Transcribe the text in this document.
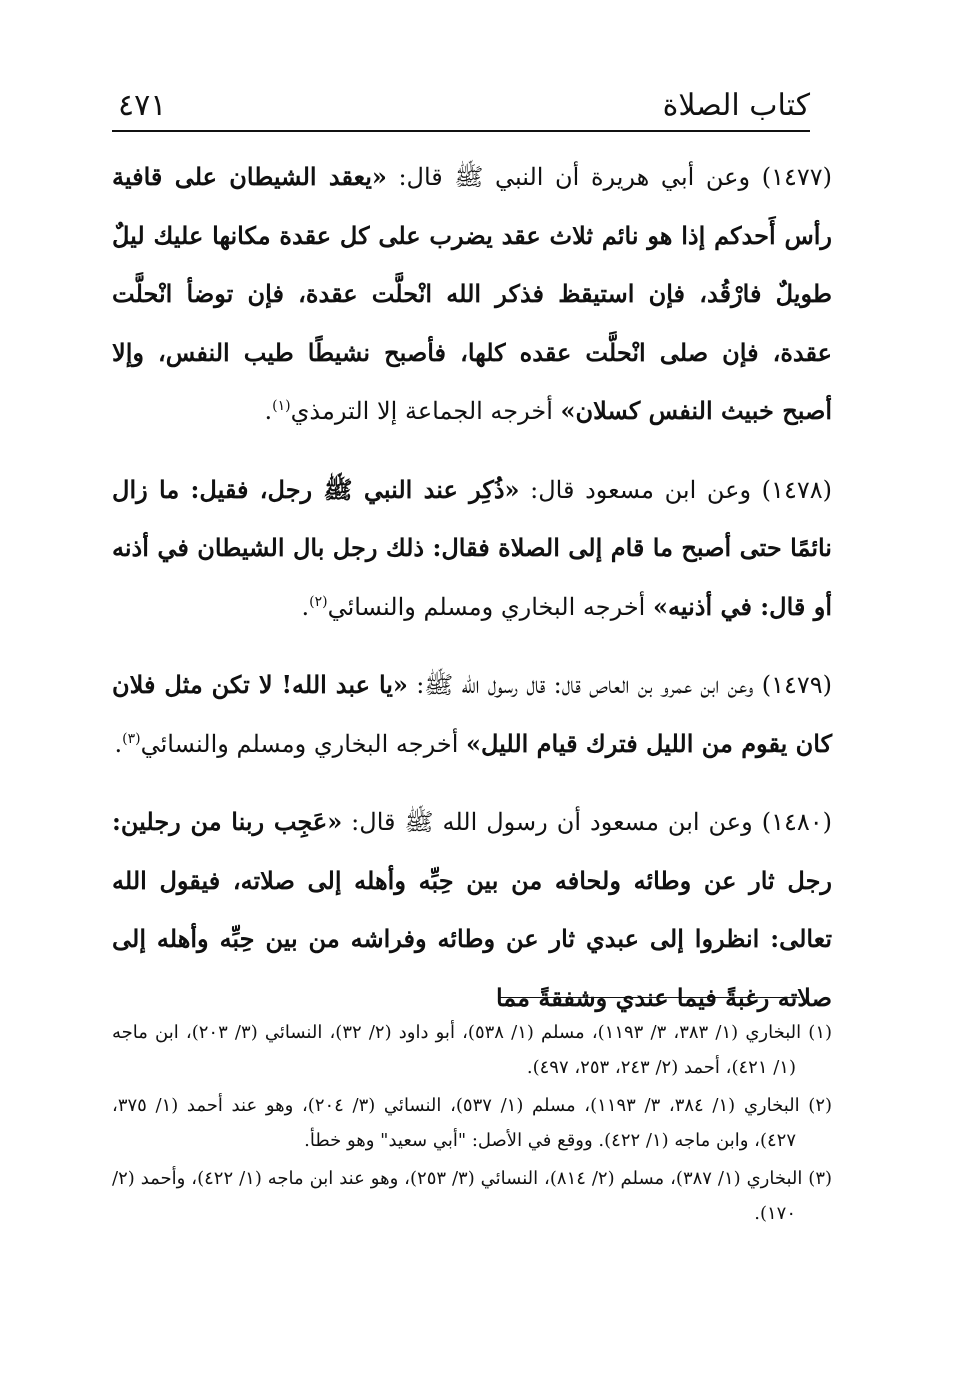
كتاب الصلاة
٤٧١

(١٤٧٧) وعن أبي هريرة أن النبي ﷺ قال: «يعقد الشيطان على قافية رأس أَحدكم إذا هو نائم ثلاث عقد يضرب على كل عقدة مكانها عليك ليلٌ طويلٌ فارْقُد، فإن استيقظ فذكر الله انْحلَّت عقدة، فإن توضأ انْحلَّت عقدة، فإن صلى انْحلَّت عقده كلها، فأصبح نشيطًا طيب النفس، وإلا أصبح خبيث النفس كسلان» أخرجه الجماعة إلا الترمذي$^{(١)}$.

(١٤٧٨) وعن ابن مسعود قال: «ذُكِر عند النبي ﷺ رجل، فقيل: ما زال نائمًا حتى أصبح ما قام إلى الصلاة فقال: ذلك رجل بال الشيطان في أذنه أو قال: في أذنيه» أخرجه البخاري ومسلم والنسائي$^{(٢)}$.

(١٤٧٩) وعن ابن عمرو بن العاص قال: قال رسول الله ﷺ: «يا عبد الله! لا تكن مثل فلان كان يقوم من الليل فترك قيام الليل» أخرجه البخاري ومسلم والنسائي$^{(٣)}$.

(١٤٨٠) وعن ابن مسعود أن رسول الله ﷺ قال: «عَجِب ربنا من رجلين: رجل ثار عن وطائه ولحافه من بين حِبِّه وأهله إلى صلاته، فيقول الله تعالى: انظروا إلى عبدي ثار عن وطائه وفراشه من بين حِبِّه وأهله إلى صلاته رغبةً فيما عندي وشفقةً مما

(١) البخاري (١/ ٣٨٣، ٣/ ١١٩٣)، مسلم (١/ ٥٣٨)، أبو داود (٢/ ٣٢)، النسائي (٣/ ٢٠٣)، ابن ماجه (١/ ٤٢١)، أحمد (٢/ ٢٤٣، ٢٥٣، ٤٩٧).

(٢) البخاري (١/ ٣٨٤، ٣/ ١١٩٣)، مسلم (١/ ٥٣٧)، النسائي (٣/ ٢٠٤)، وهو عند أحمد (١/ ٣٧٥، ٤٢٧)، وابن ماجه (١/ ٤٢٢). ووقع في الأصل: "أبي سعيد" وهو خطأ.

(٣) البخاري (١/ ٣٨٧)، مسلم (٢/ ٨١٤)، النسائي (٣/ ٢٥٣)، وهو عند ابن ماجه (١/ ٤٢٢)، وأحمد (٢/ ١٧٠).
